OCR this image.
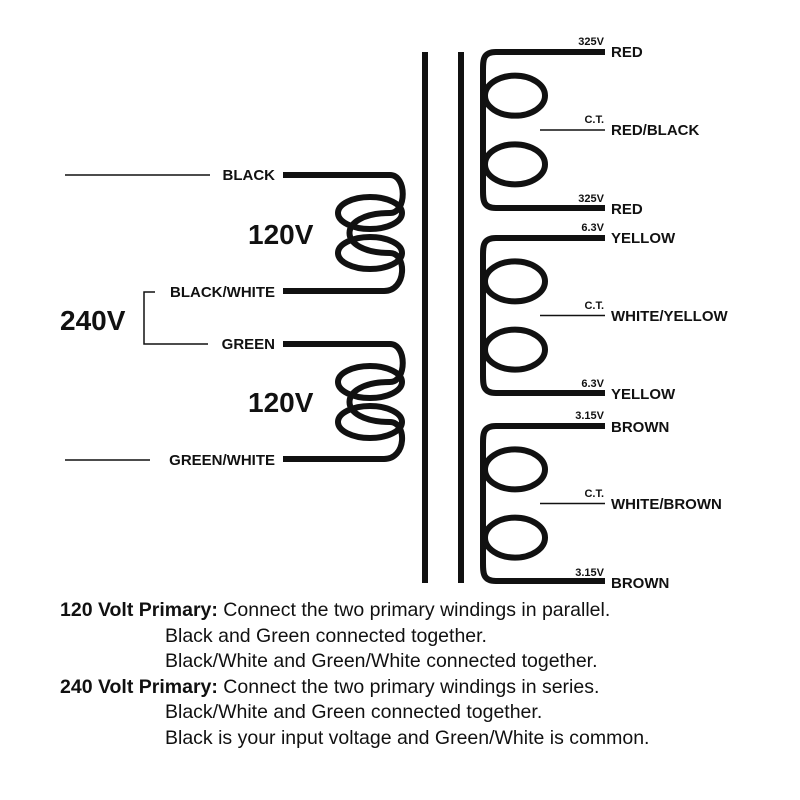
BLACK
BLACK/WHITE
GREEN
GREEN/WHITE
120V
120V
240V
325V
RED
C.T.
RED/BLACK
325V
RED
6.3V
YELLOW
C.T.
WHITE/YELLOW
6.3V
YELLOW
3.15V
BROWN
C.T.
WHITE/BROWN
3.15V
BROWN
120 Volt Primary: Connect the two primary windings in parallel.
Black and Green connected together.
Black/White and Green/White connected together.
240 Volt Primary: Connect the two primary windings in series.
Black/White and Green connected together.
Black is your input voltage and Green/White is common.
